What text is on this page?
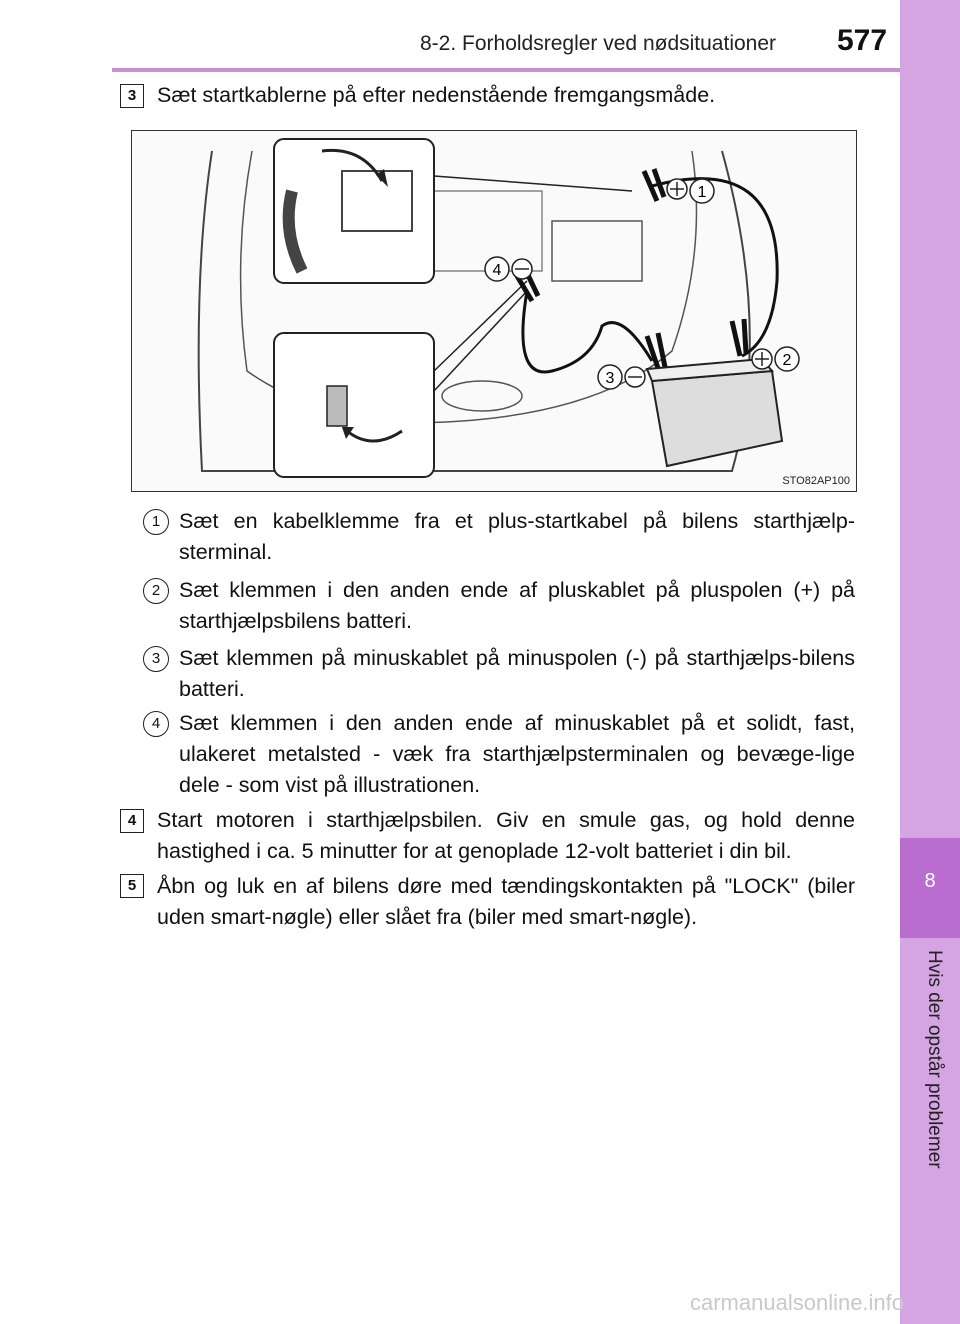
8-2. Forholdsregler ved nødsituationer 577
8
Hvis der opstår problemer
3 Sæt startkablerne på efter nedenstående fremgangsmåde.
1
2
3
4
STO82AP100
1 Sæt en kabelklemme fra et plus-startkabel på bilens starthjælp-sterminal.
2 Sæt klemmen i den anden ende af pluskablet på pluspolen (+) på starthjælpsbilens batteri.
3 Sæt klemmen på minuskablet på minuspolen (-) på starthjælps-bilens batteri.
4 Sæt klemmen i den anden ende af minuskablet på et solidt, fast, ulakeret metalsted - væk fra starthjælpsterminalen og bevæge-lige dele - som vist på illustrationen.
4 Start motoren i starthjælpsbilen. Giv en smule gas, og hold denne hastighed i ca. 5 minutter for at genoplade 12-volt batteriet i din bil.
5 Åbn og luk en af bilens døre med tændingskontakten på "LOCK" (biler uden smart-nøgle) eller slået fra (biler med smart-nøgle).
carmanualsonline.info
